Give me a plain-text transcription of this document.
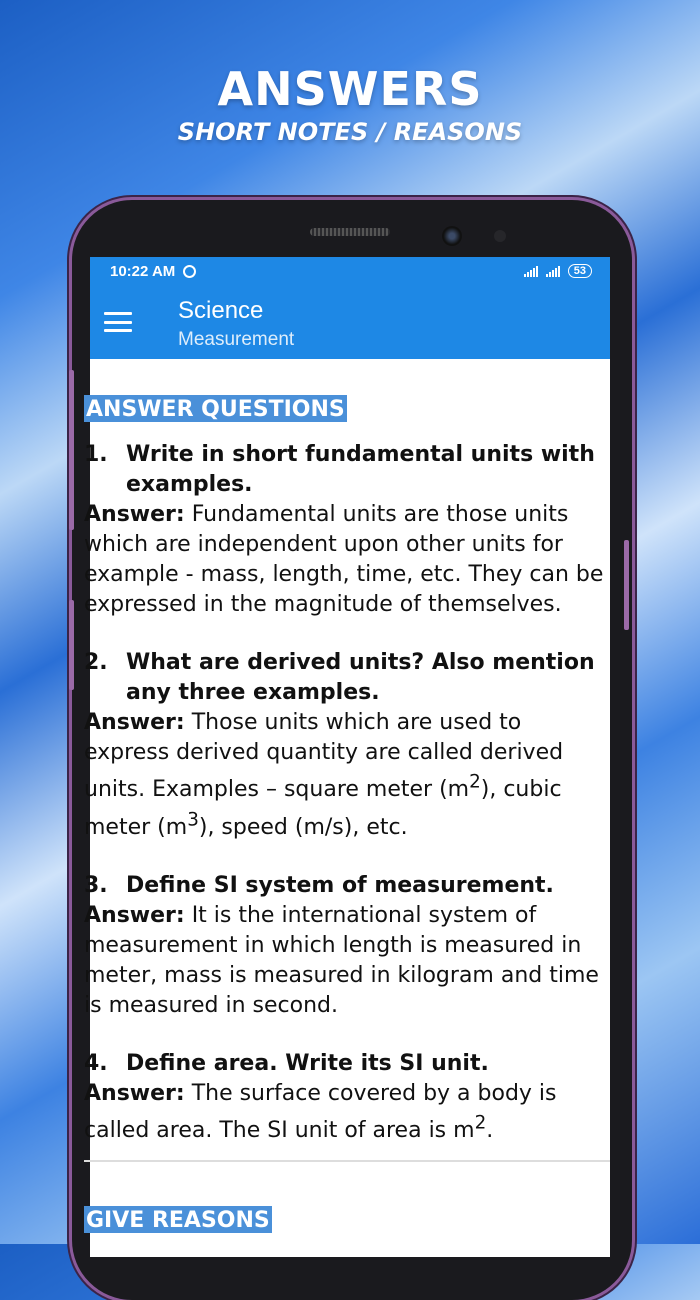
ANSWERS
SHORT NOTES / REASONS
10:22 AM	53
Science
Measurement
ANSWER QUESTIONS
1. Write in short fundamental units with
examples.
Answer: Fundamental units are those units which are independent upon other units for example - mass, length, time, etc. They can be expressed in the magnitude of themselves.
2. What are derived units? Also mention
any three examples.
Answer: Those units which are used to express derived quantity are called derived units. Examples – square meter $(m^2)$, cubic meter $(m^3)$, speed (m/s), etc.
3. Define SI system of measurement.
Answer: It is the international system of measurement in which length is measured in meter, mass is measured in kilogram and time is measured in second.
4. Define area. Write its SI unit.
Answer: The surface covered by a body is called area. The SI unit of area is $m^2$.
GIVE REASONS
